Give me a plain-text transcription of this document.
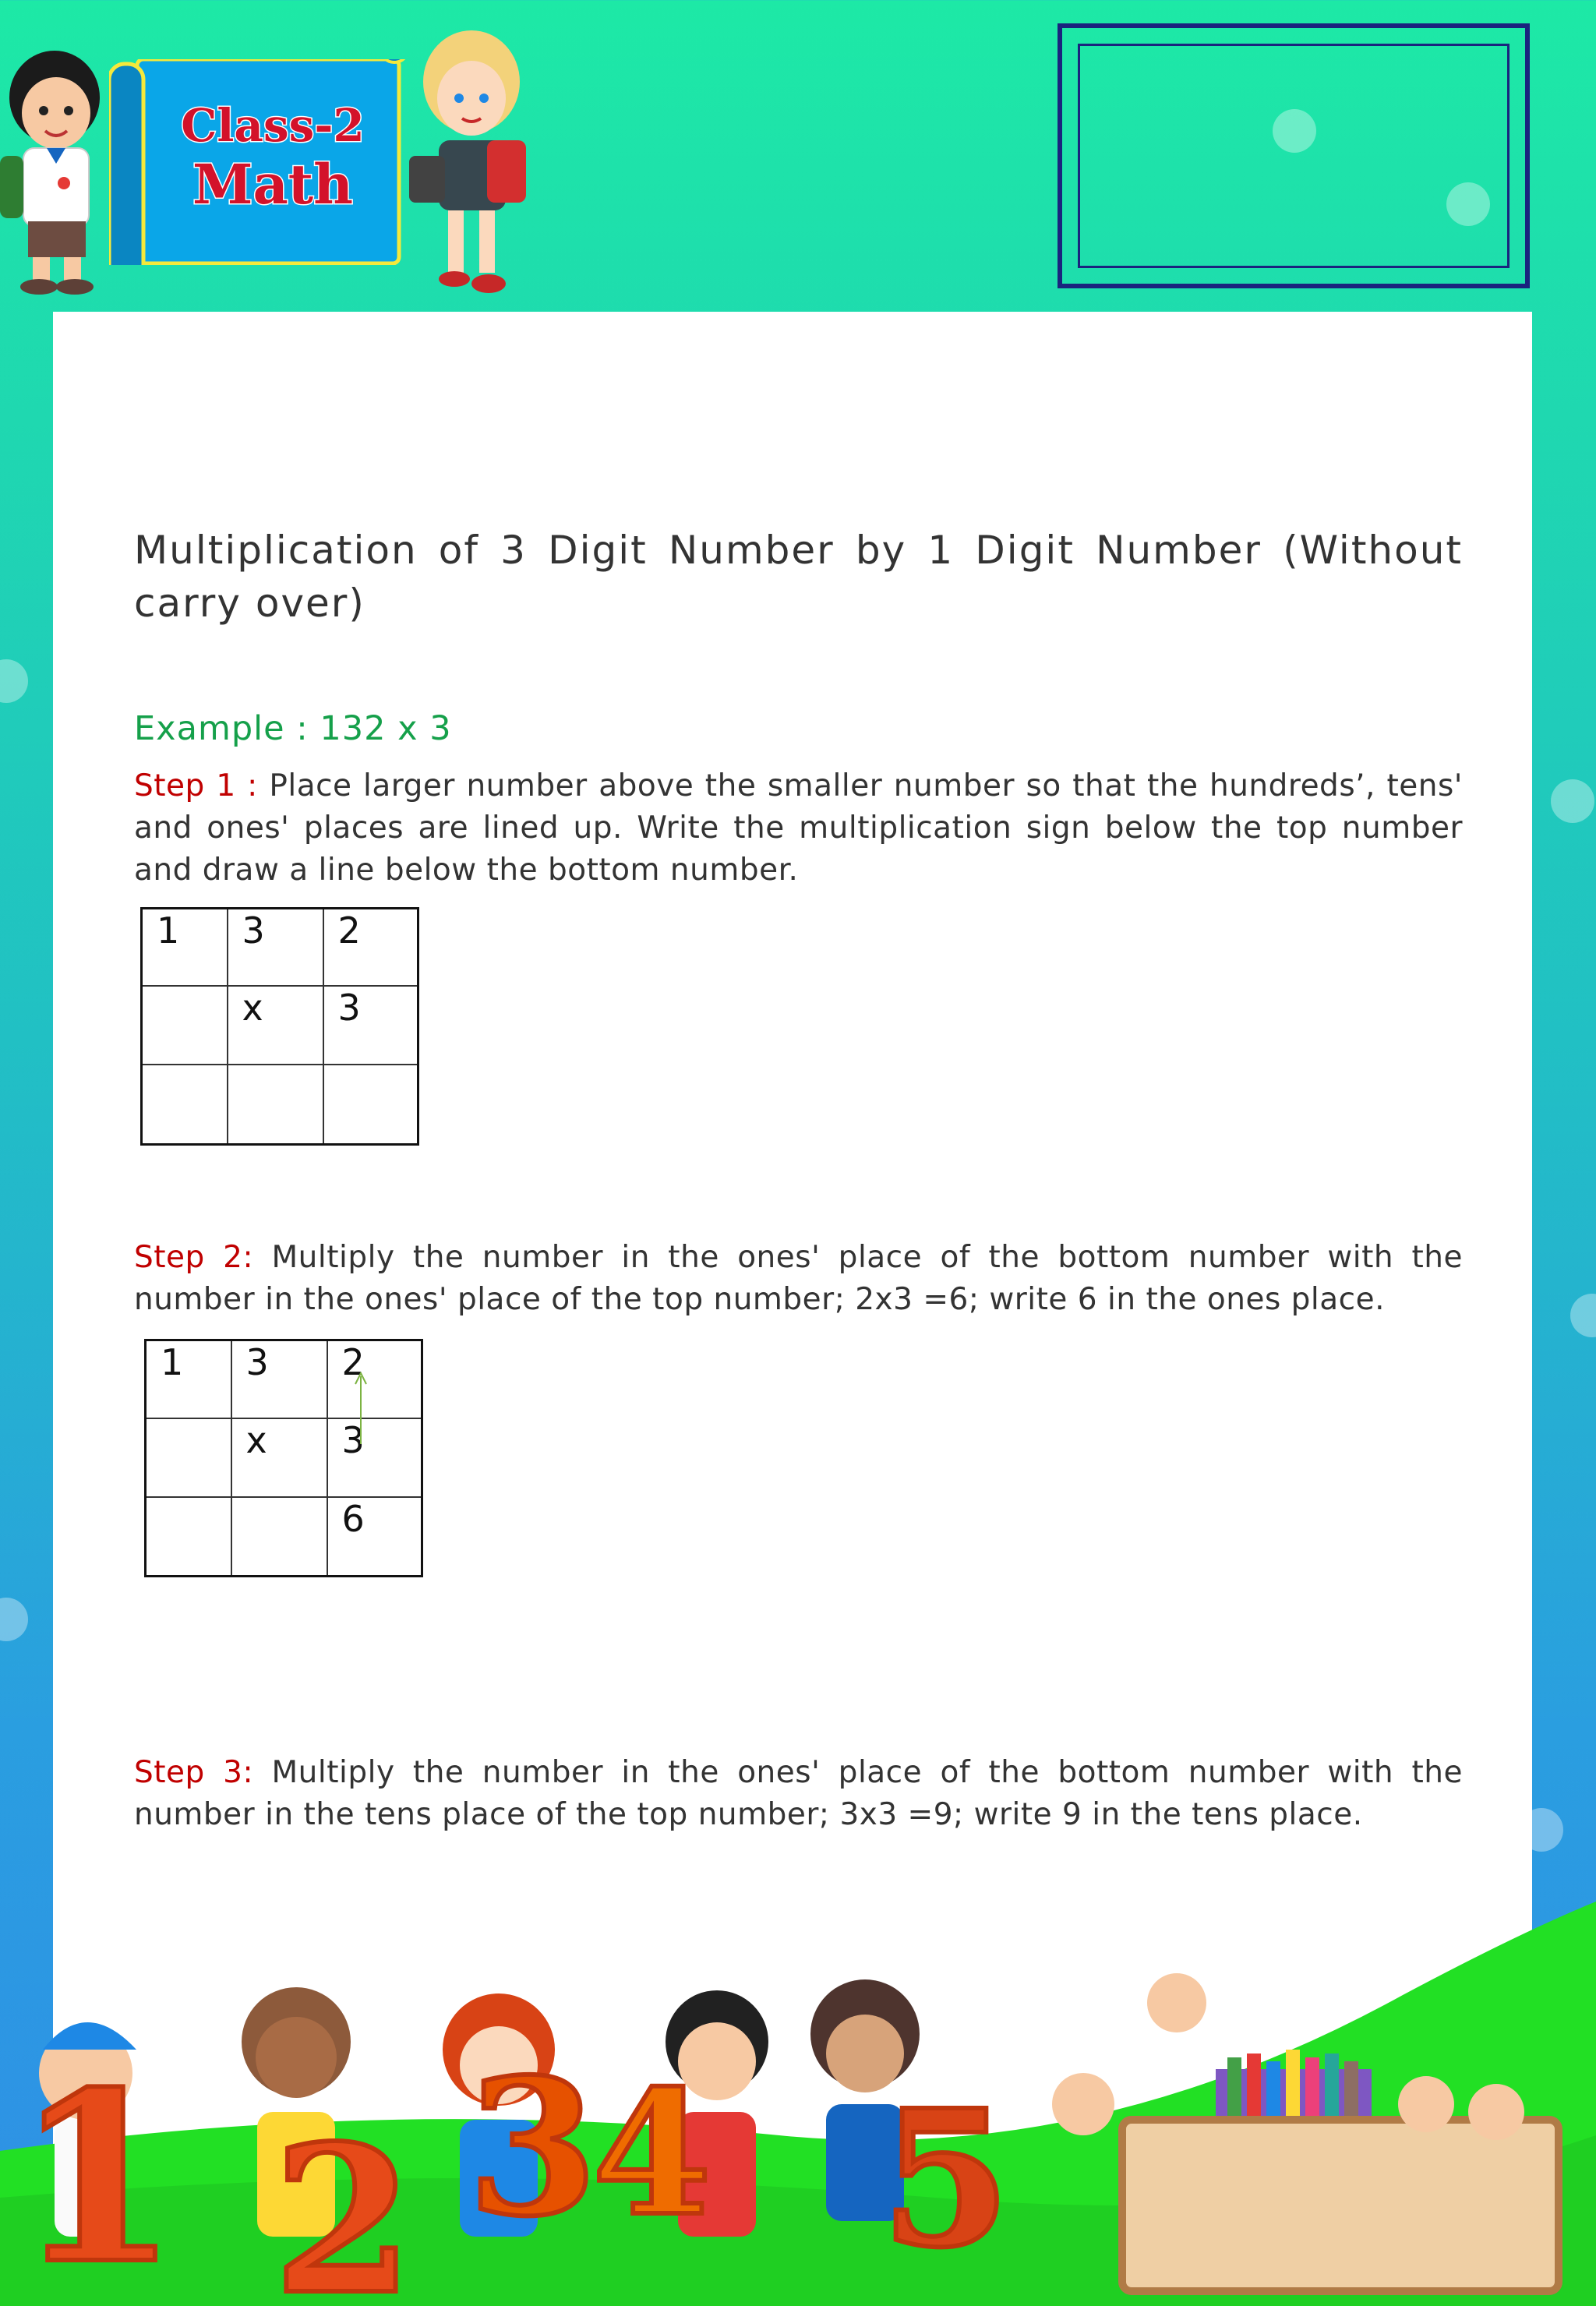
Class-2
Math
Multiplication of 3 Digit Number by 1 Digit Number (Without carry over)
Example : 132 x 3
Step 1 : Place larger number above the smaller number so that the hundreds’, tens' and ones' places are lined up. Write the multiplication sign below the top number and draw a line below the bottom number.
1	3	2
	x	3

Step 2: Multiply the number in the ones' place of the bottom number with the number in the ones' place of the top number; 2x3 =6; write 6 in the ones place.
1	3	2
	x	3
		6
Step 3: Multiply the number in the ones' place of the bottom number with the number in the tens place of the top number; 3x3 =9; write 9 in the tens place.
1 2 3
4 5
